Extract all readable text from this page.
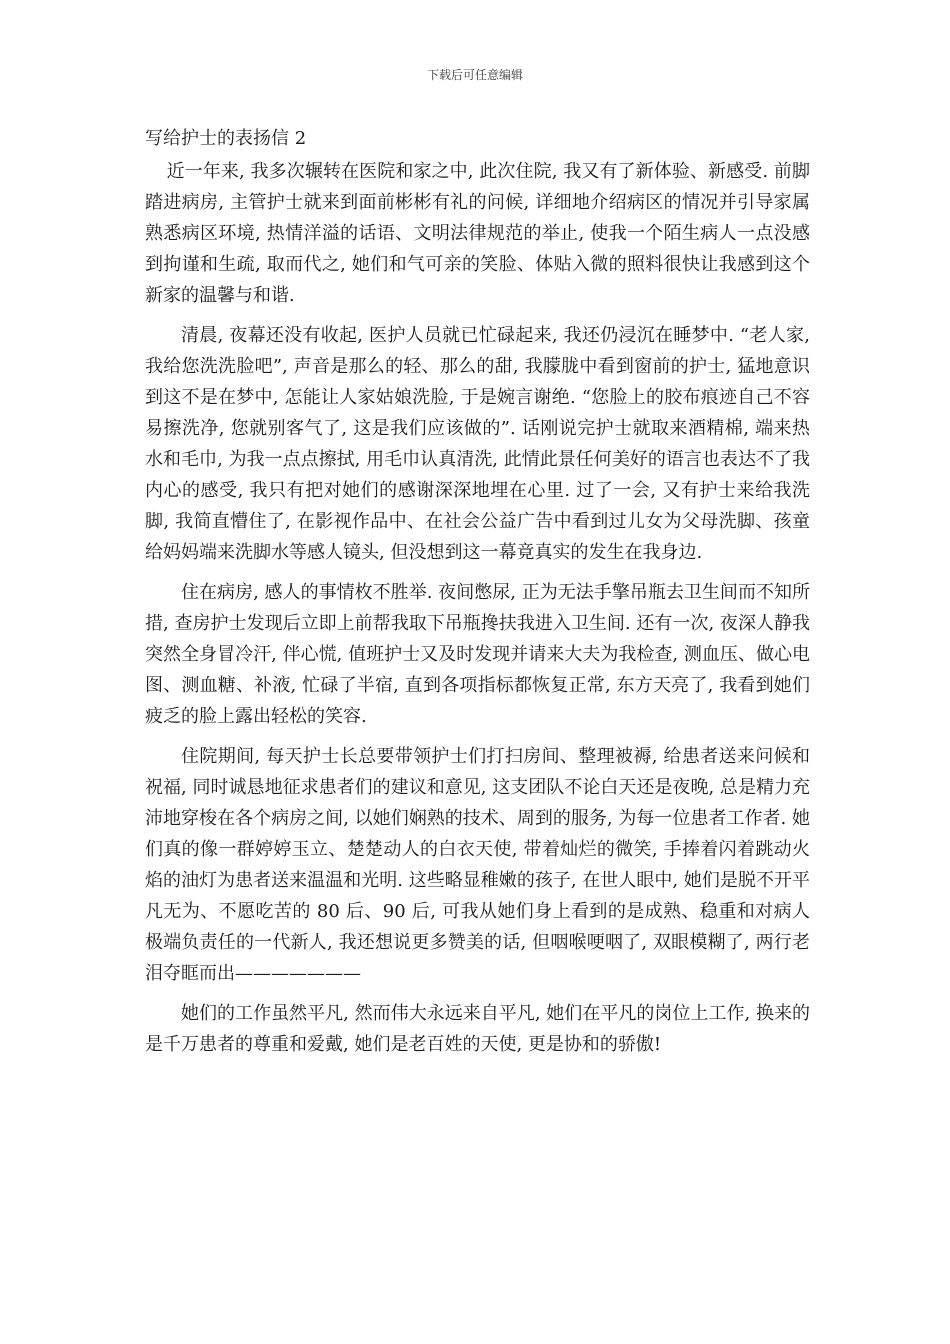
下载后可任意编辑
写给护士的表扬信 2

近一年来, 我多次辗转在医院和家之中, 此次住院, 我又有了新体验、新感受. 前脚踏进病房, 主管护士就来到面前彬彬有礼的问候, 详细地介绍病区的情况并引导家属熟悉病区环境, 热情洋溢的话语、文明法律规范的举止, 使我一个陌生病人一点没感到拘谨和生疏, 取而代之, 她们和气可亲的笑脸、体贴入微的照料很快让我感到这个新家的温馨与和谐.

清晨, 夜幕还没有收起, 医护人员就已忙碌起来, 我还仍浸沉在睡梦中. “老人家, 我给您洗洗脸吧”, 声音是那么的轻、那么的甜, 我朦胧中看到窗前的护士, 猛地意识到这不是在梦中, 怎能让人家姑娘洗脸, 于是婉言谢绝. “您脸上的胶布痕迹自己不容易擦洗净, 您就别客气了, 这是我们应该做的”. 话刚说完护士就取来酒精棉, 端来热水和毛巾, 为我一点点擦拭, 用毛巾认真清洗, 此情此景任何美好的语言也表达不了我内心的感受, 我只有把对她们的感谢深深地埋在心里. 过了一会, 又有护士来给我洗脚, 我简直懵住了, 在影视作品中、在社会公益广告中看到过儿女为父母洗脚、孩童给妈妈端来洗脚水等感人镜头, 但没想到这一幕竟真实的发生在我身边.

住在病房, 感人的事情枚不胜举. 夜间憋尿, 正为无法手擎吊瓶去卫生间而不知所措, 查房护士发现后立即上前帮我取下吊瓶搀扶我进入卫生间. 还有一次, 夜深人静我突然全身冒冷汗, 伴心慌, 值班护士又及时发现并请来大夫为我检查, 测血压、做心电图、测血糖、补液, 忙碌了半宿, 直到各项指标都恢复正常, 东方天亮了, 我看到她们疲乏的脸上露出轻松的笑容.

住院期间, 每天护士长总要带领护士们打扫房间、整理被褥, 给患者送来问候和祝福, 同时诚恳地征求患者们的建议和意见, 这支团队不论白天还是夜晚, 总是精力充沛地穿梭在各个病房之间, 以她们娴熟的技术、周到的服务, 为每一位患者工作者. 她们真的像一群婷婷玉立、楚楚动人的白衣天使, 带着灿烂的微笑, 手捧着闪着跳动火焰的油灯为患者送来温温和光明. 这些略显稚嫩的孩子, 在世人眼中, 她们是脱不开平凡无为、不愿吃苦的 80 后、90 后, 可我从她们身上看到的是成熟、稳重和对病人极端负责任的一代新人, 我还想说更多赞美的话, 但咽喉哽咽了, 双眼模糊了, 两行老泪夺眶而出———————

她们的工作虽然平凡, 然而伟大永远来自平凡, 她们在平凡的岗位上工作, 换来的是千万患者的尊重和爱戴, 她们是老百姓的天使, 更是协和的骄傲!
